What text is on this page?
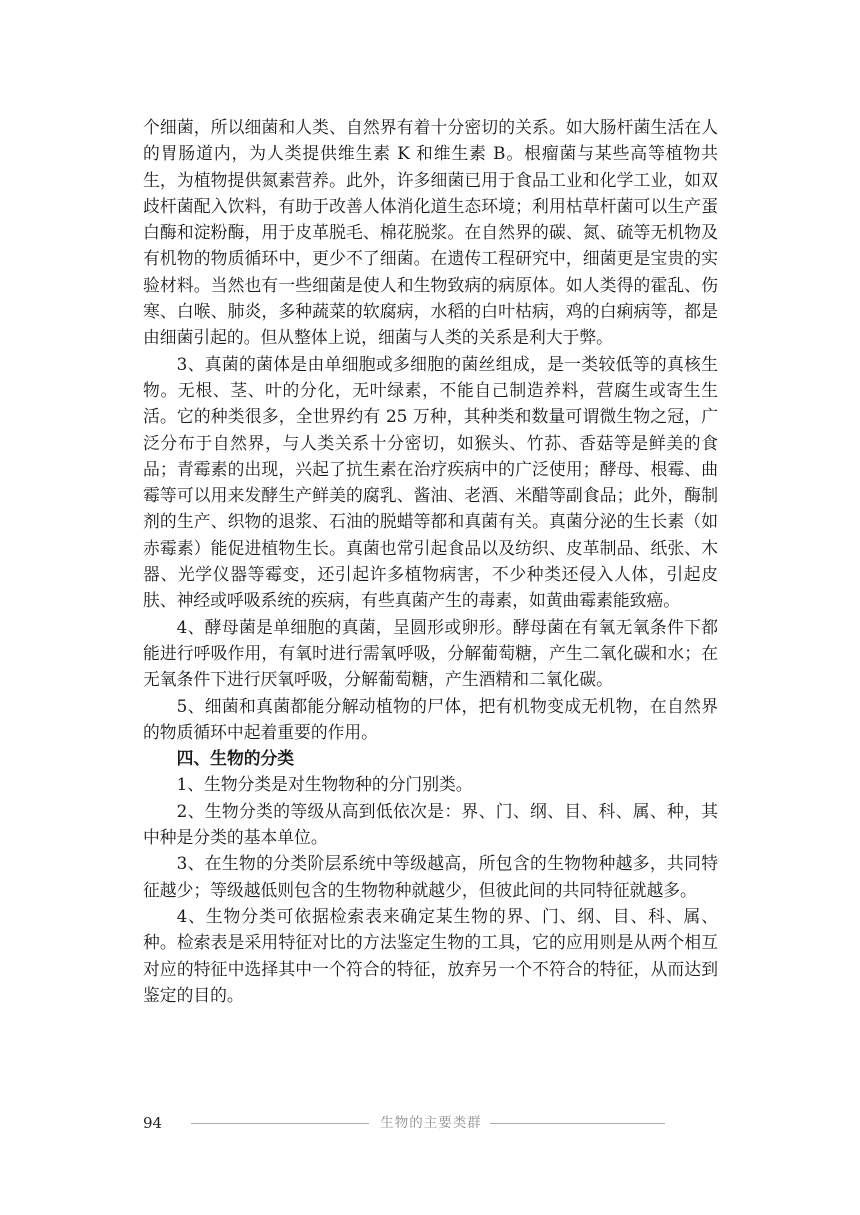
个细菌，所以细菌和人类、自然界有着十分密切的关系。如大肠杆菌生活在人的胃肠道内，为人类提供维生素 K 和维生素 B。根瘤菌与某些高等植物共生，为植物提供氮素营养。此外，许多细菌已用于食品工业和化学工业，如双歧杆菌配入饮料，有助于改善人体消化道生态环境；利用枯草杆菌可以生产蛋白酶和淀粉酶，用于皮革脱毛、棉花脱浆。在自然界的碳、氮、硫等无机物及有机物的物质循环中，更少不了细菌。在遗传工程研究中，细菌更是宝贵的实验材料。当然也有一些细菌是使人和生物致病的病原体。如人类得的霍乱、伤寒、白喉、肺炎，多种蔬菜的软腐病，水稻的白叶枯病，鸡的白痢病等，都是由细菌引起的。但从整体上说，细菌与人类的关系是利大于弊。

3、真菌的菌体是由单细胞或多细胞的菌丝组成，是一类较低等的真核生物。无根、茎、叶的分化，无叶绿素，不能自己制造养料，营腐生或寄生生活。它的种类很多，全世界约有 25 万种，其种类和数量可谓微生物之冠，广泛分布于自然界，与人类关系十分密切，如猴头、竹荪、香菇等是鲜美的食品；青霉素的出现，兴起了抗生素在治疗疾病中的广泛使用；酵母、根霉、曲霉等可以用来发酵生产鲜美的腐乳、酱油、老酒、米醋等副食品；此外，酶制剂的生产、织物的退浆、石油的脱蜡等都和真菌有关。真菌分泌的生长素（如赤霉素）能促进植物生长。真菌也常引起食品以及纺织、皮革制品、纸张、木器、光学仪器等霉变，还引起许多植物病害，不少种类还侵入人体，引起皮肤、神经或呼吸系统的疾病，有些真菌产生的毒素，如黄曲霉素能致癌。

4、酵母菌是单细胞的真菌，呈圆形或卵形。酵母菌在有氧无氧条件下都能进行呼吸作用，有氧时进行需氧呼吸，分解葡萄糖，产生二氧化碳和水；在无氧条件下进行厌氧呼吸，分解葡萄糖，产生酒精和二氧化碳。

5、细菌和真菌都能分解动植物的尸体，把有机物变成无机物，在自然界的物质循环中起着重要的作用。

四、生物的分类

1、生物分类是对生物物种的分门别类。

2、生物分类的等级从高到低依次是：界、门、纲、目、科、属、种，其中种是分类的基本单位。

3、在生物的分类阶层系统中等级越高，所包含的生物物种越多，共同特征越少；等级越低则包含的生物物种就越少，但彼此间的共同特征就越多。

4、生物分类可依据检索表来确定某生物的界、门、纲、目、科、属、种。检索表是采用特征对比的方法鉴定生物的工具，它的应用则是从两个相互对应的特征中选择其中一个符合的特征，放弃另一个不符合的特征，从而达到鉴定的目的。

94	生物的主要类群
